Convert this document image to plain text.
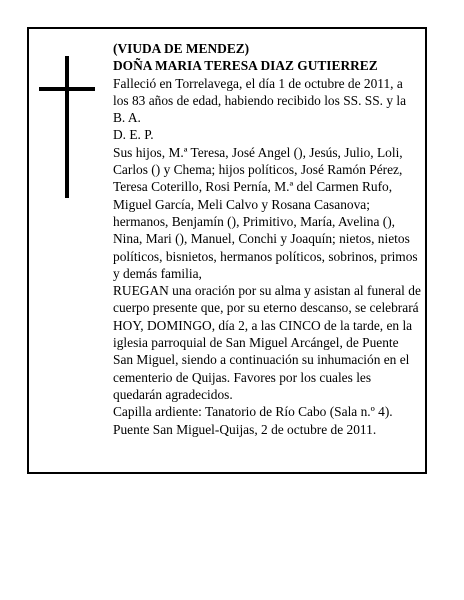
(VIUDA DE MENDEZ)

DOÑA MARIA TERESA DIAZ GUTIERREZ

Falleció en Torrelavega, el día 1 de octubre de 2011, a los 83 años de edad, habiendo recibido los SS. SS. y la B. A.

D. E. P.

Sus hijos, M.ª Teresa, José Angel (), Jesús, Julio, Loli, Carlos () y Chema; hijos políticos, José Ramón Pérez, Teresa Coterillo, Rosi Pernía, M.ª del Carmen Rufo, Miguel García, Meli Calvo y Rosana Casanova; hermanos, Benjamín (), Primitivo, María, Avelina (), Nina, Mari (), Manuel, Conchi y Joaquín; nietos, nietos políticos, bisnietos, hermanos políticos, sobrinos, primos y demás familia,

RUEGAN una oración por su alma y asistan al funeral de cuerpo presente que, por su eterno descanso, se celebrará HOY, DOMINGO, día 2, a las CINCO de la tarde, en la iglesia parroquial de San Miguel Arcángel, de Puente San Miguel, siendo a continuación su inhumación en el cementerio de Quijas. Favores por los cuales les quedarán agradecidos.

Capilla ardiente: Tanatorio de Río Cabo (Sala n.º 4).

Puente San Miguel-Quijas, 2 de octubre de 2011.
